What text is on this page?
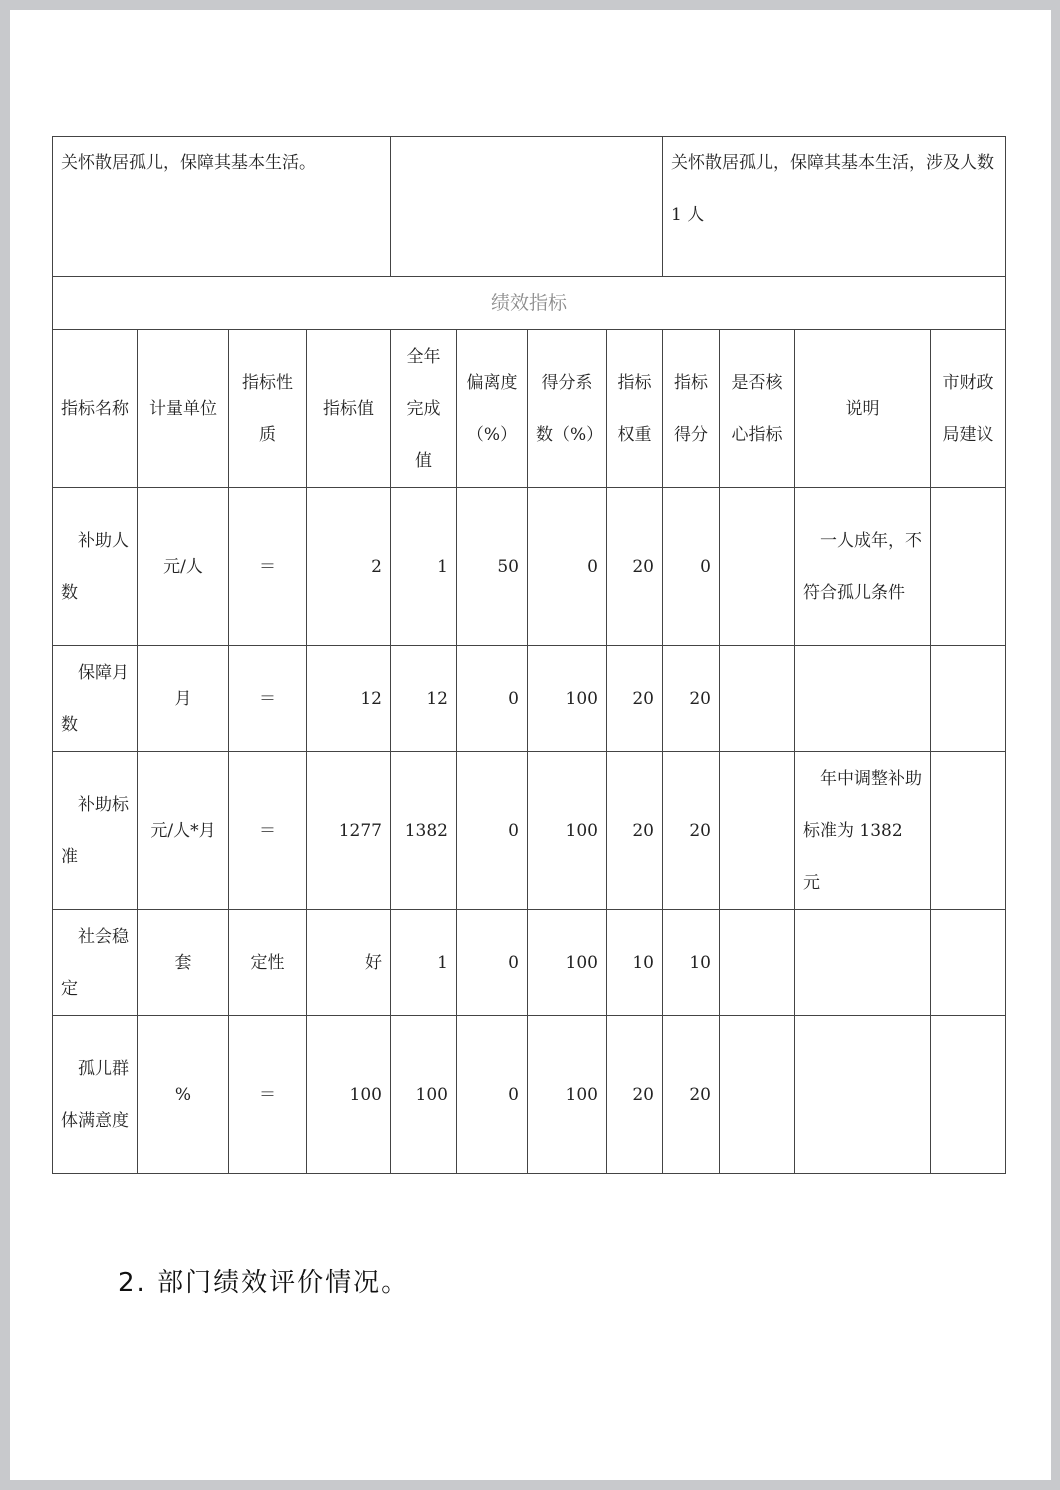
关怀散居孤儿，保障其基本生活。								关怀散居孤儿，保障其基本生活，涉及人数 1 人			
绩效指标											
指标名称	计量单位	指标性质	指标值	全年完成值	偏离度（%）	得分系数（%）	指标权重	指标得分	是否核心指标	说明	市财政局建议
补助人数	元/人	＝	2	1	50	0	20	0		一人成年，不符合孤儿条件	
保障月数	月	＝	12	12	0	100	20	20			
补助标准	元/人*月	＝	1277	1382	0	100	20	20		年中调整补助标准为 1382 元	
社会稳定	套	定性	好	1	0	100	10	10			
孤儿群体满意度	%	＝	100	100	0	100	20	20			
2. 部门绩效评价情况。
